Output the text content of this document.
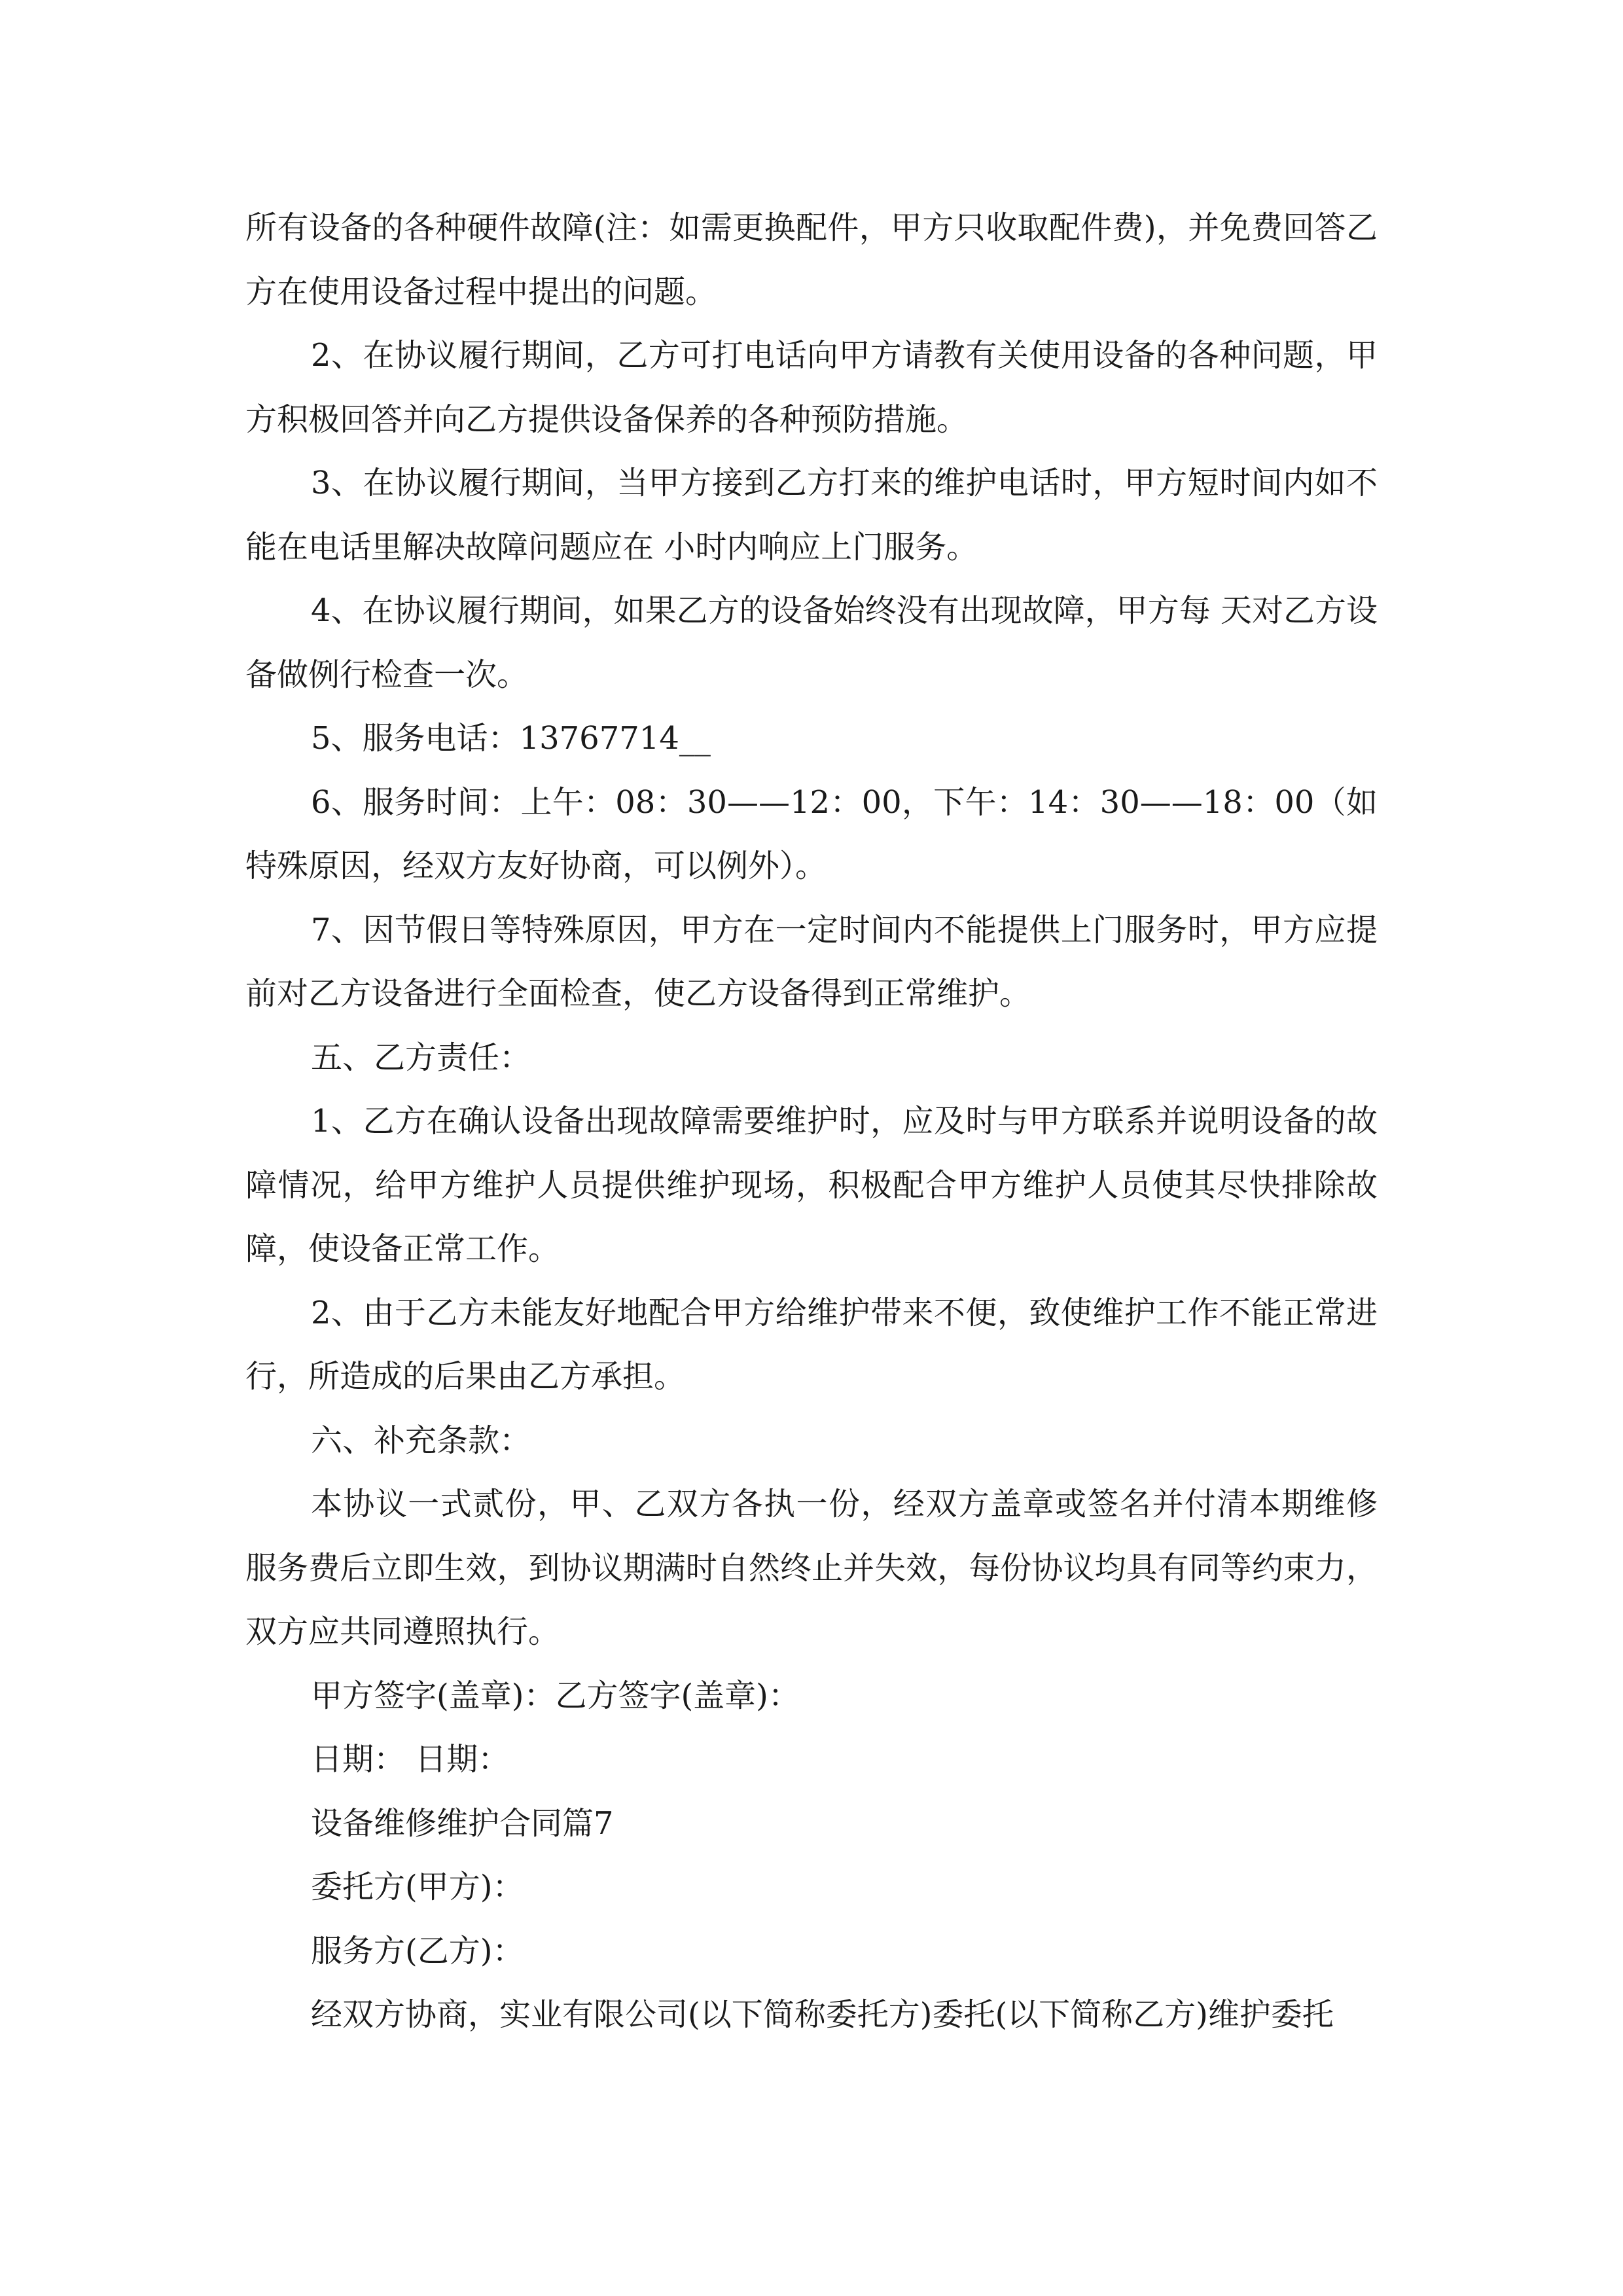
所有设备的各种硬件故障(注：如需更换配件，甲方只收取配件费)，并免费回答乙方在使用设备过程中提出的问题。

2、在协议履行期间，乙方可打电话向甲方请教有关使用设备的各种问题，甲方积极回答并向乙方提供设备保养的各种预防措施。

3、在协议履行期间，当甲方接到乙方打来的维护电话时，甲方短时间内如不能在电话里解决故障问题应在 小时内响应上门服务。

4、在协议履行期间，如果乙方的设备始终没有出现故障，甲方每 天对乙方设备做例行检查一次。

5、服务电话：13767714__

6、服务时间：上午：08：30——12：00，下午：14：30——18：00（如特殊原因，经双方友好协商，可以例外）。

7、因节假日等特殊原因，甲方在一定时间内不能提供上门服务时，甲方应提前对乙方设备进行全面检查，使乙方设备得到正常维护。

五、乙方责任：

1、乙方在确认设备出现故障需要维护时，应及时与甲方联系并说明设备的故障情况，给甲方维护人员提供维护现场，积极配合甲方维护人员使其尽快排除故障，使设备正常工作。

2、由于乙方未能友好地配合甲方给维护带来不便，致使维护工作不能正常进行，所造成的后果由乙方承担。

六、补充条款：

本协议一式贰份，甲、乙双方各执一份，经双方盖章或签名并付清本期维修服务费后立即生效，到协议期满时自然终止并失效，每份协议均具有同等约束力，双方应共同遵照执行。

甲方签字(盖章)：乙方签字(盖章)：

日期： 日期：

设备维修维护合同篇7

委托方(甲方)：

服务方(乙方)：

经双方协商，实业有限公司(以下简称委托方)委托(以下简称乙方)维护委托
